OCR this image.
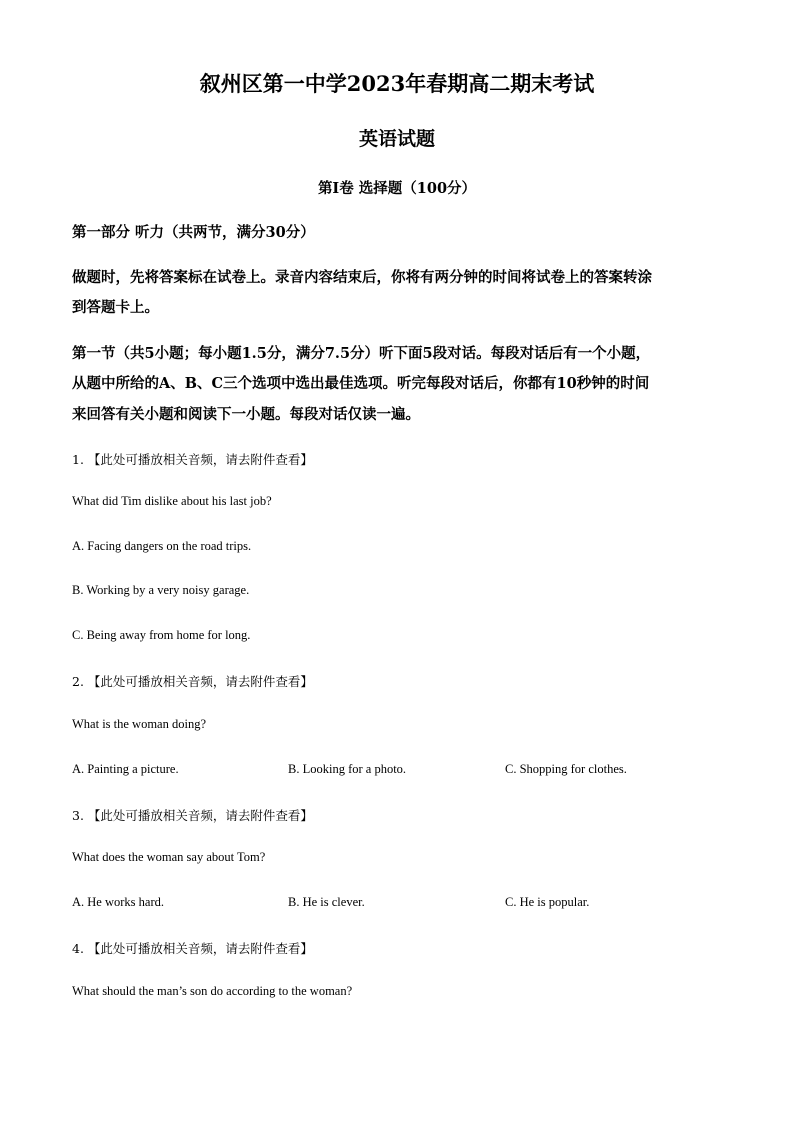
叙州区第一中学2023年春期高二期末考试
英语试题
第I卷 选择题（100分）
第一部分 听力（共两节，满分30分）
做题时，先将答案标在试卷上。录音内容结束后，你将有两分钟的时间将试卷上的答案转涂
到答题卡上。
第一节（共5小题；每小题1.5分，满分7.5分）听下面5段对话。每段对话后有一个小题，
从题中所给的A、B、C三个选项中选出最佳选项。听完每段对话后，你都有10秒钟的时间
来回答有关小题和阅读下一小题。每段对话仅读一遍。
1. 【此处可播放相关音频，请去附件查看】
What did Tim dislike about his last job?
A. Facing dangers on the road trips.
B. Working by a very noisy garage.
C. Being away from home for long.
2. 【此处可播放相关音频，请去附件查看】
What is the woman doing?
A. Painting a picture.	B. Looking for a photo.	C. Shopping for clothes.
3. 【此处可播放相关音频，请去附件查看】
What does the woman say about Tom?
A. He works hard.	B. He is clever.	C. He is popular.
4. 【此处可播放相关音频，请去附件查看】
What should the man’s son do according to the woman?
